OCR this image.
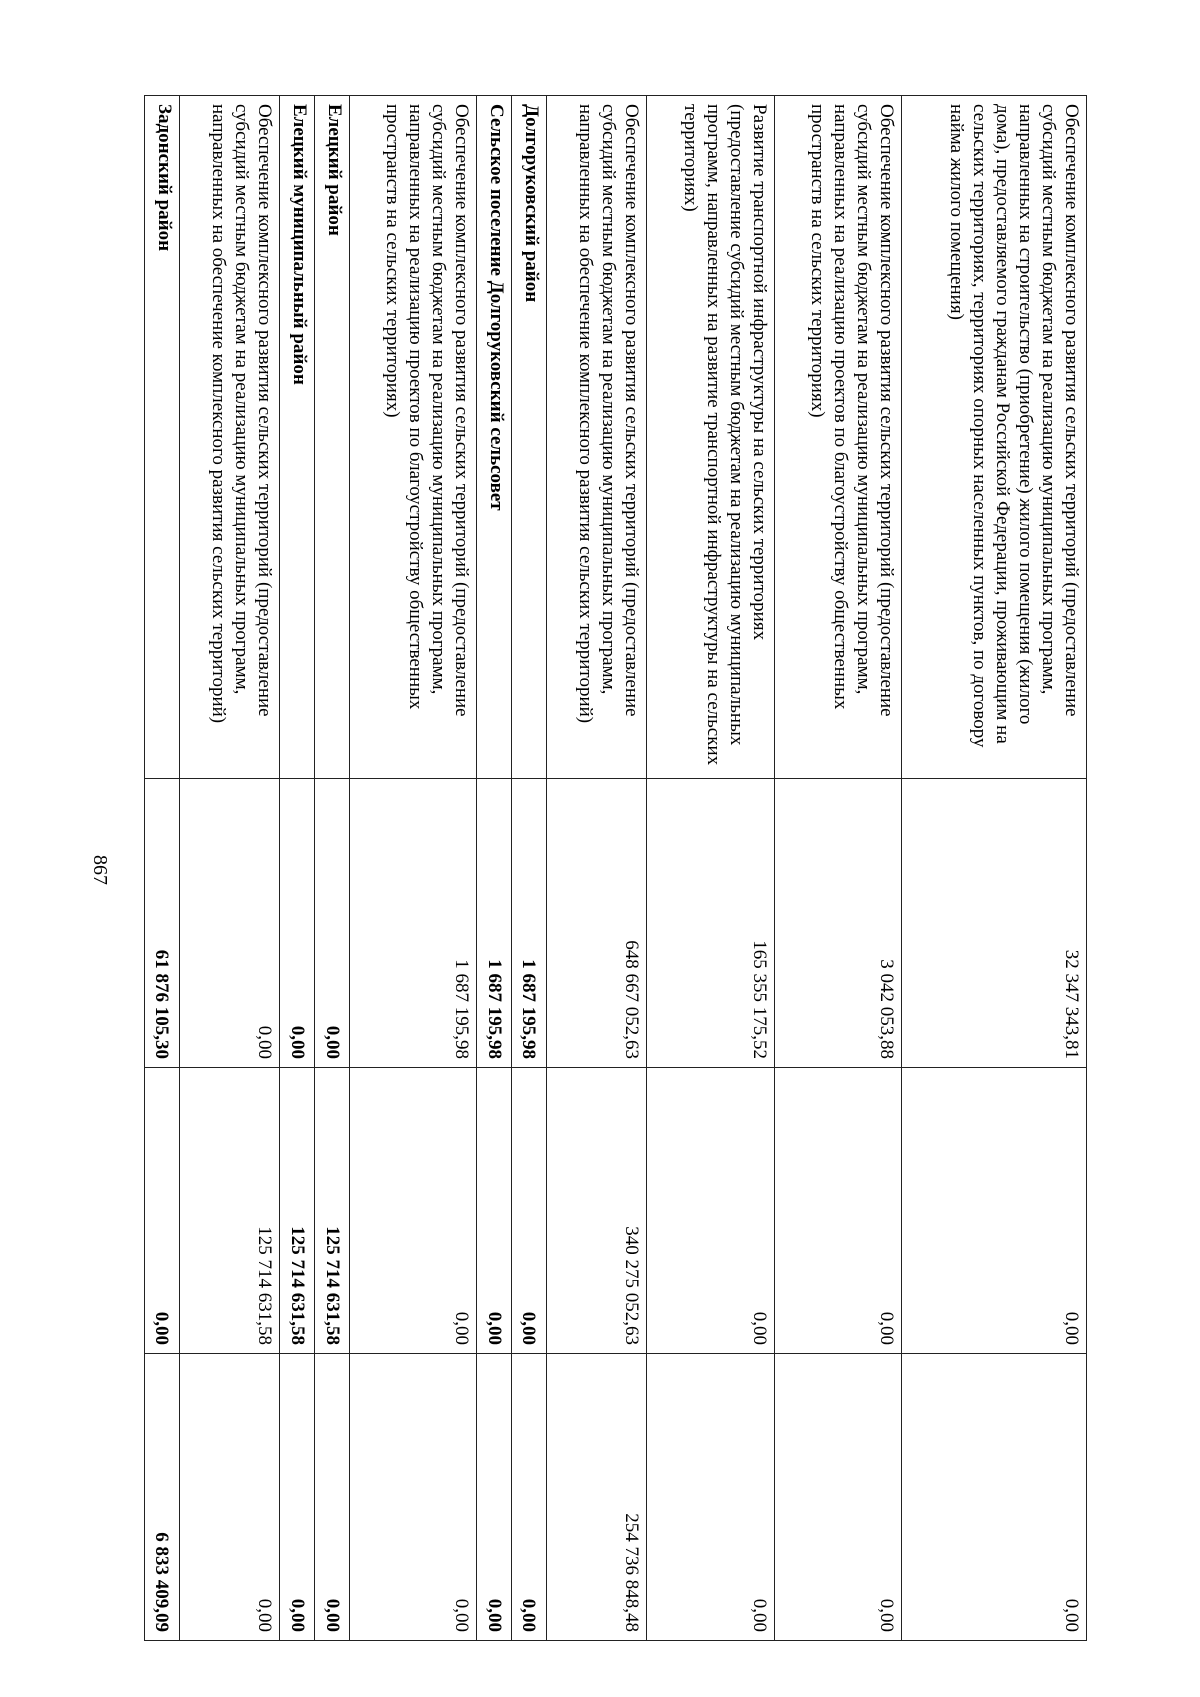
867
Обеспечение комплексного развития сельских территорий (предоставление субсидий местным бюджетам на реализацию муниципальных программ, направленных на строительство (приобретение) жилого помещения (жилого дома), предоставляемого гражданам Российской Федерации, проживающим на сельских территориях, территориях опорных населенных пунктов, по договору найма жилого помещения)	32 347 343,81	0,00	0,00
Обеспечение комплексного развития сельских территорий (предоставление субсидий местным бюджетам на реализацию муниципальных программ, направленных на реализацию проектов по благоустройству общественных пространств на сельских территориях)	3 042 053,88	0,00	0,00
Развитие транспортной инфраструктуры на сельских территориях (предоставление субсидий местным бюджетам на реализацию муниципальных программ, направленных на развитие транспортной инфраструктуры на сельских территориях)	165 355 175,52	0,00	0,00
Обеспечение комплексного развития сельских территорий (предоставление субсидий местным бюджетам на реализацию муниципальных программ, направленных на обеспечение комплексного развития сельских территорий)	648 667 052,63	340 275 052,63	254 736 848,48
Долгоруковский район	1 687 195,98	0,00	0,00
Сельское поселение Долгоруковский сельсовет	1 687 195,98	0,00	0,00
Обеспечение комплексного развития сельских территорий (предоставление субсидий местным бюджетам на реализацию муниципальных программ, направленных на реализацию проектов по благоустройству общественных пространств на сельских территориях)	1 687 195,98	0,00	0,00
Елецкий район	0,00	125 714 631,58	0,00
Елецкий муниципальный район	0,00	125 714 631,58	0,00
Обеспечение комплексного развития сельских территорий (предоставление субсидий местным бюджетам на реализацию муниципальных программ, направленных на обеспечение комплексного развития сельских территорий)	0,00	125 714 631,58	0,00
Задонский район	61 876 105,30	0,00	6 833 409,09
